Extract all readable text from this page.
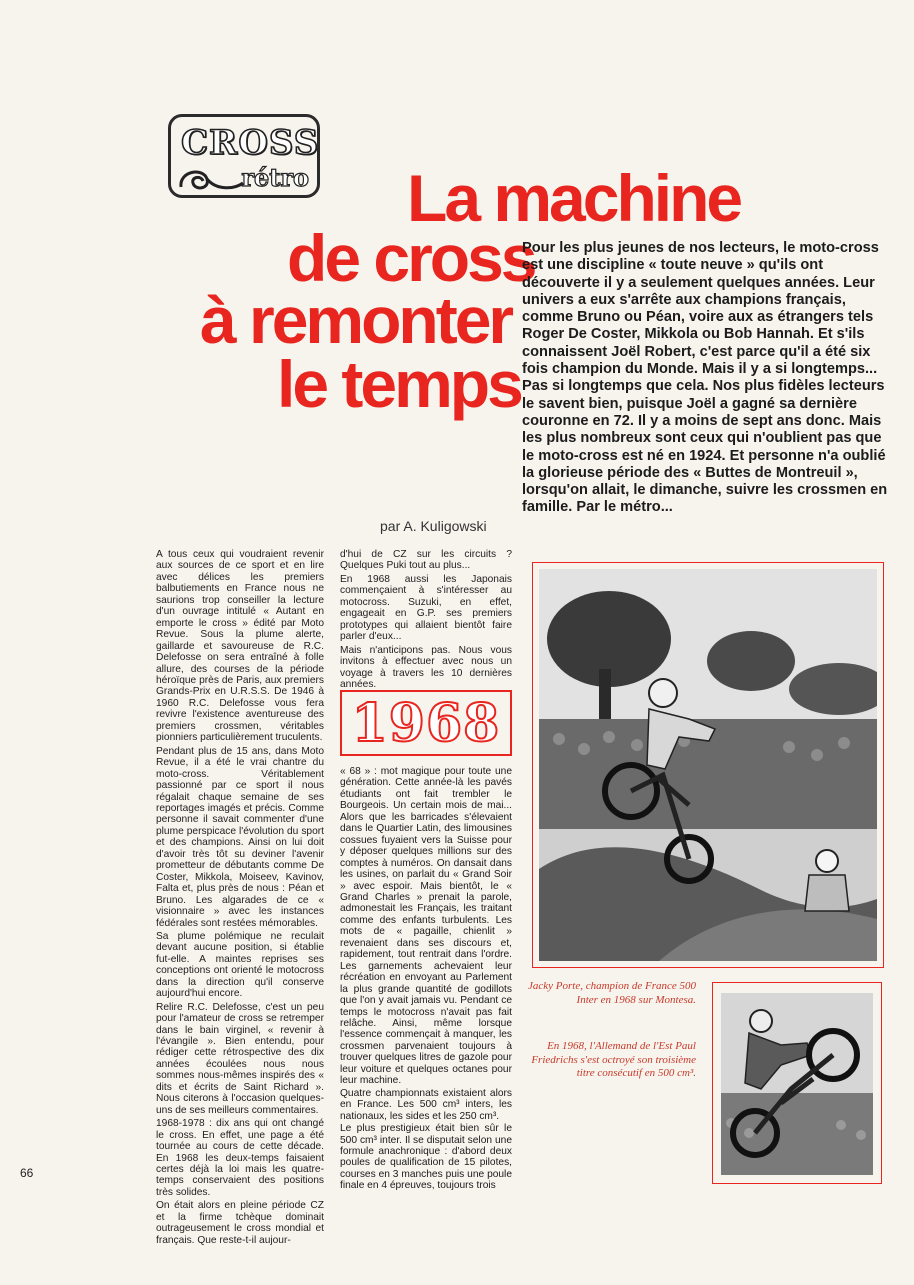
CROSS
rétro La machine
de cross
à remonter
le temps
Pour les plus jeunes de nos lecteurs, le moto-cross est une discipline « toute neuve » qu'ils ont découverte il y a seulement quelques années. Leur univers a eux s'arrête aux champions français, comme Bruno ou Péan, voire aux as étrangers tels Roger De Coster, Mikkola ou Bob Hannah. Et s'ils connaissent Joël Robert, c'est parce qu'il a été six fois champion du Monde. Mais il y a si longtemps... Pas si longtemps que cela. Nos plus fidèles lecteurs le savent bien, puisque Joël a gagné sa dernière couronne en 72. Il y a moins de sept ans donc. Mais les plus nombreux sont ceux qui n'oublient pas que le moto-cross est né en 1924. Et personne n'a oublié la glorieuse période des « Buttes de Montreuil », lorsqu'on allait, le dimanche, suivre les crossmen en famille. Par le métro...
par A. Kuligowski

A tous ceux qui voudraient revenir aux sources de ce sport et en lire avec délices les premiers balbutiements en France nous ne saurions trop conseiller la lecture d'un ouvrage intitulé « Autant en emporte le cross » édité par Moto Revue. Sous la plume alerte, gaillarde et savoureuse de R.C. Delefosse on sera entraîné à folle allure, des courses de la période héroïque près de Paris, aux premiers Grands-Prix en U.R.S.S. De 1946 à 1960 R.C. Delefosse vous fera revivre l'existence aventureuse des premiers crossmen, véritables pionniers particulièrement truculents.

Pendant plus de 15 ans, dans Moto Revue, il a été le vrai chantre du moto-cross. Véritablement passionné par ce sport il nous régalait chaque semaine de ses reportages imagés et précis. Comme personne il savait commenter d'une plume perspicace l'évolution du sport et des champions. Ainsi on lui doit d'avoir très tôt su deviner l'avenir prometteur de débutants comme De Coster, Mikkola, Moiseev, Kavinov, Falta et, plus près de nous : Péan et Bruno. Les algarades de ce « visionnaire » avec les instances fédérales sont restées mémorables.

Sa plume polémique ne reculait devant aucune position, si établie fut-elle. A maintes reprises ses conceptions ont orienté le motocross dans la direction qu'il conserve aujourd'hui encore.

Relire R.C. Delefosse, c'est un peu pour l'amateur de cross se retremper dans le bain virginel, « revenir à l'évangile ». Bien entendu, pour rédiger cette rétrospective des dix années écoulées nous nous sommes nous-mêmes inspirés des « dits et écrits de Saint Richard ». Nous citerons à l'occasion quelques-uns de ses meilleurs commentaires.

1968-1978 : dix ans qui ont changé le cross. En effet, une page a été tournée au cours de cette décade. En 1968 les deux-temps faisaient certes déjà la loi mais les quatre-temps conservaient des positions très solides.

On était alors en pleine période CZ et la firme tchèque dominait outrageusement le cross mondial et français. Que reste-t-il aujour-

d'hui de CZ sur les circuits ? Quelques Puki tout au plus...

En 1968 aussi les Japonais commençaient à s'intéresser au motocross. Suzuki, en effet, engageait en G.P. ses premiers prototypes qui allaient bientôt faire parler d'eux...

Mais n'anticipons pas. Nous vous invitons à effectuer avec nous un voyage à travers les 10 dernières années.

1968

« 68 » : mot magique pour toute une génération. Cette année-là les pavés étudiants ont fait trembler le Bourgeois. Un certain mois de mai... Alors que les barricades s'élevaient dans le Quartier Latin, des limousines cossues fuyaient vers la Suisse pour y déposer quelques millions sur des comptes à numéros. On dansait dans les usines, on parlait du « Grand Soir » avec espoir. Mais bientôt, le « Grand Charles » prenait la parole, admonestait les Français, les traitant comme des enfants turbulents. Les mots de « pagaille, chienlit » revenaient dans ses discours et, rapidement, tout rentrait dans l'ordre. Les garnements achevaient leur récréation en envoyant au Parlement la plus grande quantité de godillots que l'on y avait jamais vu. Pendant ce temps le motocross n'avait pas fait relâche. Ainsi, même lorsque l'essence commençait à manquer, les crossmen parvenaient toujours à trouver quelques litres de gazole pour leur voiture et quelques octanes pour leur machine.

Quatre championnats existaient alors en France. Les 500 cm³ inters, les nationaux, les sides et les 250 cm³.

Le plus prestigieux était bien sûr le 500 cm³ inter. Il se disputait selon une formule anachronique : d'abord deux poules de qualification de 15 pilotes, courses en 3 manches puis une poule finale en 4 épreuves, toujours trois

Jacky Porte, champion de France 500 Inter en 1968 sur Montesa.
En 1968, l'Allemand de l'Est Paul Friedrichs s'est octroyé son troisième titre consécutif en 500 cm³.
66
